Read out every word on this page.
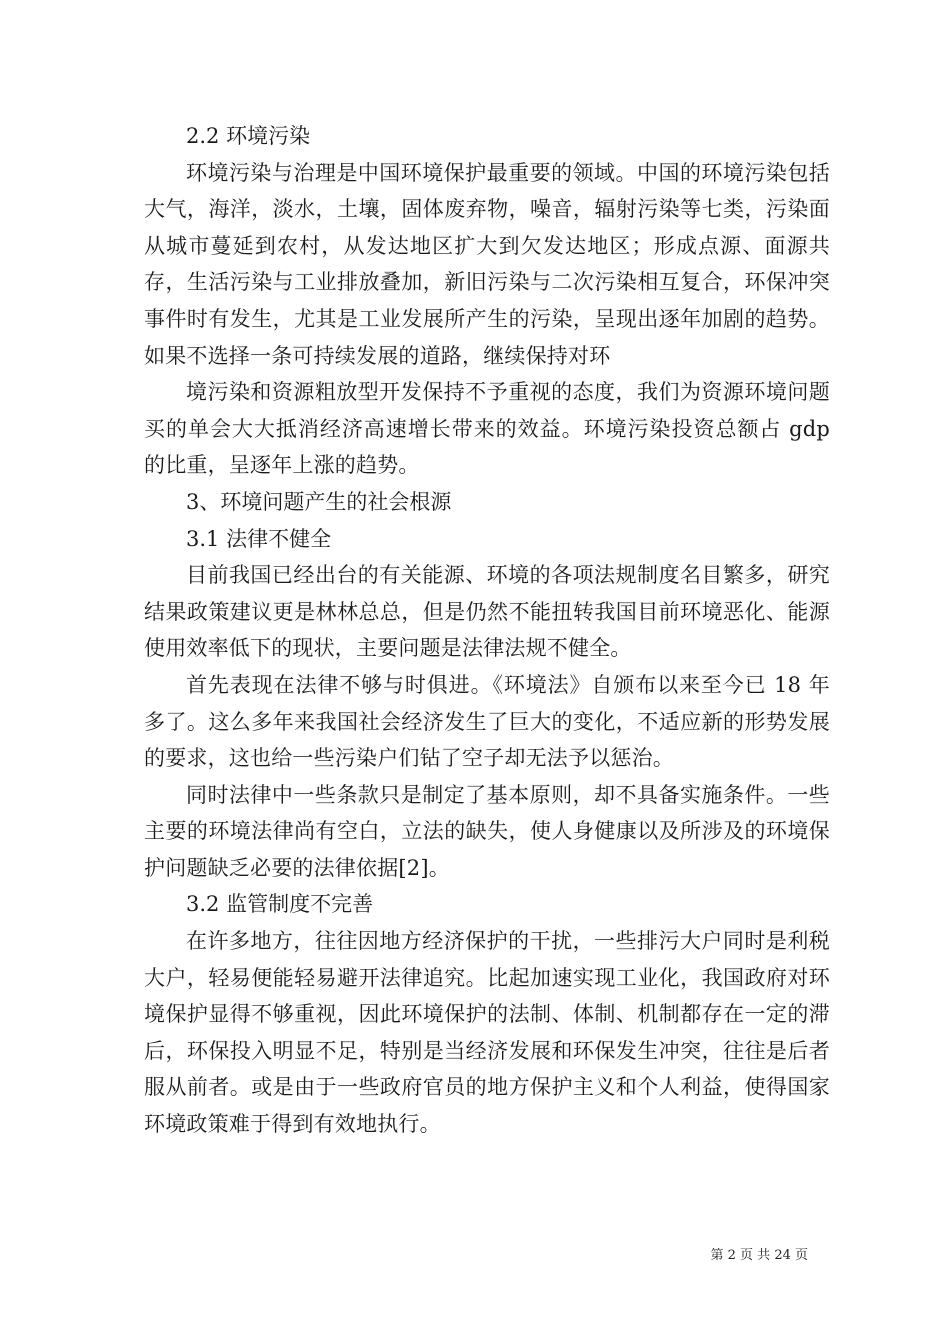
2.2 环境污染

环境污染与治理是中国环境保护最重要的领域。中国的环境污染包括大气，海洋，淡水，土壤，固体废弃物，噪音，辐射污染等七类，污染面从城市蔓延到农村，从发达地区扩大到欠发达地区；形成点源、面源共存，生活污染与工业排放叠加，新旧污染与二次污染相互复合，环保冲突事件时有发生，尤其是工业发展所产生的污染，呈现出逐年加剧的趋势。如果不选择一条可持续发展的道路，继续保持对环

境污染和资源粗放型开发保持不予重视的态度，我们为资源环境问题买的单会大大抵消经济高速增长带来的效益。环境污染投资总额占 gdp 的比重，呈逐年上涨的趋势。

3、环境问题产生的社会根源

3.1 法律不健全

目前我国已经出台的有关能源、环境的各项法规制度名目繁多，研究结果政策建议更是林林总总，但是仍然不能扭转我国目前环境恶化、能源使用效率低下的现状，主要问题是法律法规不健全。

首先表现在法律不够与时俱进。《环境法》自颁布以来至今已 18 年多了。这么多年来我国社会经济发生了巨大的变化，不适应新的形势发展的要求，这也给一些污染户们钻了空子却无法予以惩治。

同时法律中一些条款只是制定了基本原则，却不具备实施条件。一些主要的环境法律尚有空白，立法的缺失，使人身健康以及所涉及的环境保护问题缺乏必要的法律依据[2]。

3.2 监管制度不完善

在许多地方，往往因地方经济保护的干扰，一些排污大户同时是利税大户，轻易便能轻易避开法律追究。比起加速实现工业化，我国政府对环境保护显得不够重视，因此环境保护的法制、体制、机制都存在一定的滞后，环保投入明显不足，特别是当经济发展和环保发生冲突，往往是后者服从前者。或是由于一些政府官员的地方保护主义和个人利益，使得国家环境政策难于得到有效地执行。

第 2 页 共 24 页
